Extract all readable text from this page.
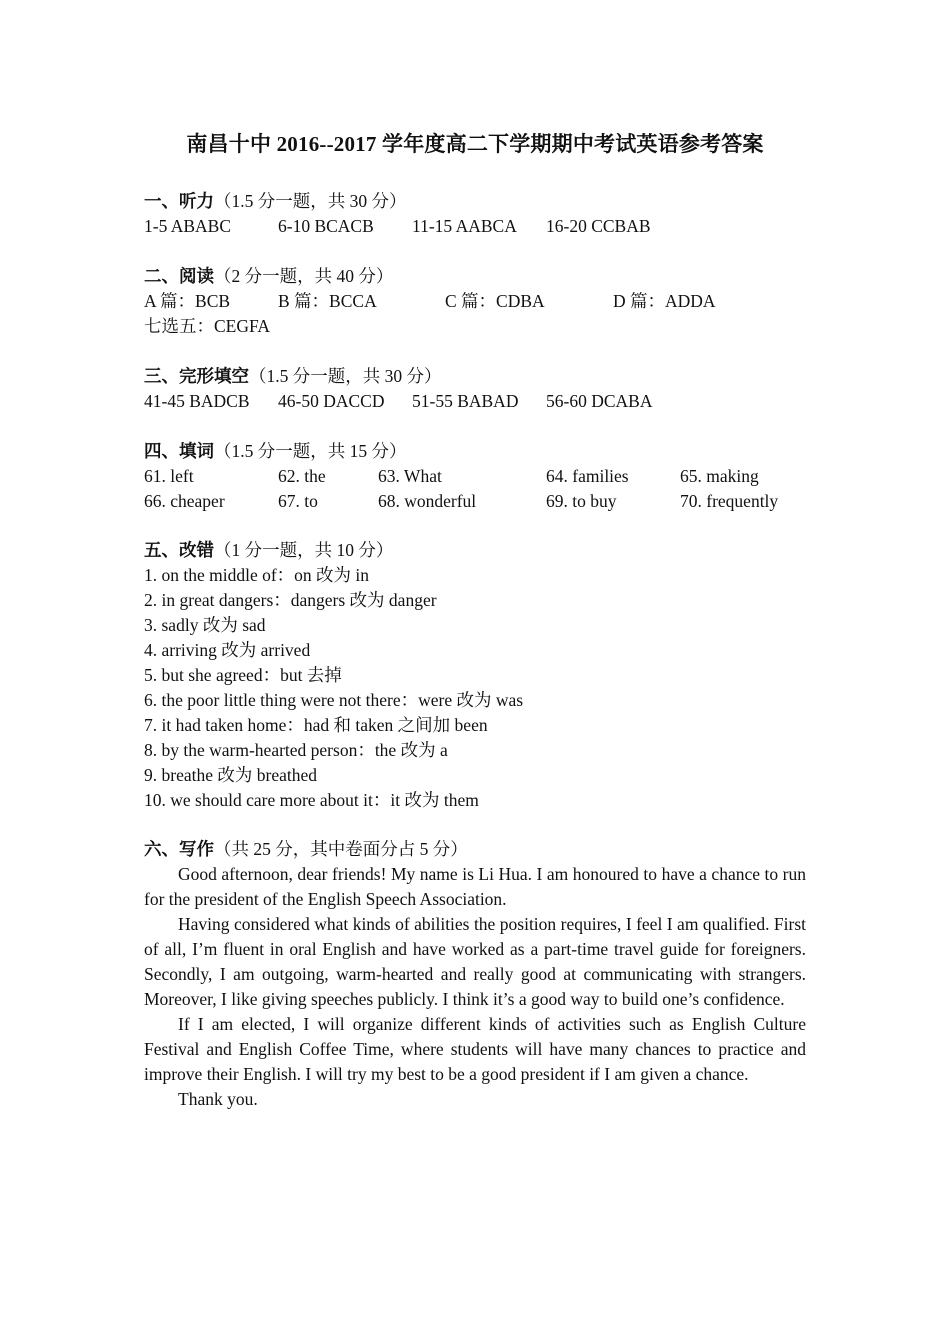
南昌十中 2016--2017 学年度高二下学期期中考试英语参考答案
一、听力（1.5 分一题，共 30 分）
1-5 ABABC	6-10 BCACB 11-15 AABCA 16-20 CCBAB
二、阅读（2 分一题，共 40 分）
A 篇：BCB	B 篇：BCCA	C 篇：CDBA	D 篇：ADDA
七选五：CEGFA
三、完形填空（1.5 分一题，共 30 分）
41-45 BADCB 46-50 DACCD 51-55 BABAD 56-60 DCABA
四、填词（1.5 分一题，共 15 分）
61. left	62. the	63. What	64. families	65. making
66. cheaper	67. to	68. wonderful	69. to buy	70. frequently
五、改错（1 分一题，共 10 分）
1. on the middle of：on 改为 in
2. in great dangers：dangers 改为 danger
3. sadly 改为 sad
4. arriving 改为 arrived
5. but she agreed：but 去掉
6. the poor little thing were not there：were 改为 was
7. it had taken home：had 和 taken 之间加 been
8. by the warm-hearted person：the 改为 a
9. breathe 改为 breathed
10. we should care more about it：it 改为 them
六、写作（共 25 分，其中卷面分占 5 分）

Good afternoon, dear friends! My name is Li Hua. I am honoured to have a chance to run for the president of the English Speech Association.

Having considered what kinds of abilities the position requires, I feel I am qualified. First of all, I’m fluent in oral English and have worked as a part-time travel guide for foreigners. Secondly, I am outgoing, warm-hearted and really good at communicating with strangers. Moreover, I like giving speeches publicly. I think it’s a good way to build one’s confidence.

If I am elected, I will organize different kinds of activities such as English Culture Festival and English Coffee Time, where students will have many chances to practice and improve their English. I will try my best to be a good president if I am given a chance.

Thank you.
